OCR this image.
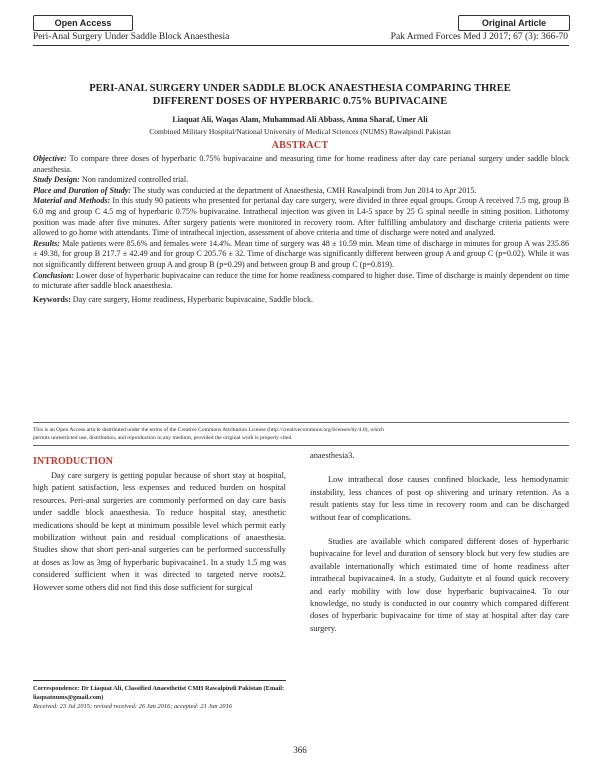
Open Access	Original Article
Peri-Anal Surgery Under Saddle Block Anaesthesia	Pak Armed Forces Med J 2017; 67 (3): 366-70
PERI-ANAL SURGERY UNDER SADDLE BLOCK ANAESTHESIA COMPARING THREE
DIFFERENT DOSES OF HYPERBARIC 0.75% BUPIVACAINE
Liaquat Ali, Waqas Alam, Muhammad Ali Abbass, Amna Sharaf, Umer Ali
Combined Military Hospital/National University of Medical Sciences (NUMS) Rawalpindi Pakistan
ABSTRACT

Objective: To compare three doses of hyperbaric 0.75% bupivacaine and measuring time for home readiness after day care perianal surgery under saddle block anaesthesia.

Study Design: Non randomized controlled trial.

Place and Duration of Study: The study was conducted at the department of Anaesthesia, CMH Rawalpindi from Jun 2014 to Apr 2015.

Material and Methods: In this study 90 patients who presented for perianal day care surgery, were divided in three equal groups. Group A received 7.5 mg, group B 6.0 mg and group C 4.5 mg of hyperbaric 0.75% bupivacaine. Intrathecal injection was given in L4-5 space by 25 G spinal needle in sitting position. Lithotomy position was made after five minutes. After surgery patients were monitored in recovery room. After fulfilling ambulatory and discharge criteria patients were allowed to go home with attendants. Time of intrathecal injection, assessment of above criteria and time of discharge were noted and analyzed.

Results: Male patients were 85.6% and females were 14.4%. Mean time of surgery was 48 ± 10.59 min. Mean time of discharge in minutes for group A was 235.86 ± 49.38, for group B 217.7 ± 42.49 and for group C 205.76 ± 32. Time of discharge was significantly different between group A and group C (p=0.02). While it was not significantly different between group A and group B (p=0.29) and between group B and group C (p=0.819).

Conclusion: Lower dose of hyperbaric bupivacaine can reduce the time for home readiness compared to higher dose. Time of discharge is mainly dependent on time to micturate after saddle block anaesthesia.

Keywords: Day care surgery, Home readiness, Hyperbaric bupivacaine, Saddle block.

This is an Open Access article distributed under the terms of the Creative Commons Attribution License (http://creativecommons.org/licenses/by/4.0), which
permits unrestricted use, distribution, and reproduction in any medium, provided the original work is properly cited.
INTRODUCTION

Day care surgery is getting popular because of short stay at hospital, high patient satisfaction, less expenses and reduced burden on hospital resources. Peri-anal surgeries are commonly performed on day care basis under saddle block anaesthesia. To reduce hospital stay, anesthetic medications should be kept at minimum possible level which permit early mobilization without pain and residual complications of anaesthesia. Studies show that short peri-anal surgeries can be performed successfully at doses as low as 3mg of hyperbaric bupivacaine1. In a study 1.5 mg was considered sufficient when it was directed to targeted nerve roots2. However some others did not find this dose sufficient for surgical

anaesthesia3.

Low intrathecal dose causes confined blockade, less hemodynamic instability, less chances of post op shivering and urinary retention. As a result patients stay for less time in recovery room and can be discharged without fear of complications.

Studies are available which compared different doses of hyperbaric bupivacaine for level and duration of sensory block but very few studies are available internationally which estimated time of home readiness after intrathecal bupivacaine4. In a study, Gudaityte et al found quick recovery and early mobility with low dose hyperbaric bupivacaine4. To our knowledge, no study is conducted in our country which compared different doses of hyperbaric bupivacaine for time of stay at hospital after day care surgery.

Correspondence: Dr Liaquat Ali, Classified Anaesthetist CMH Rawalpindi Pakistan (Email: liaquatnums@gmail.com)
Received: 23 Jul 2015; revised received: 26 Jan 2016; accepted: 21 Jun 2016
366
